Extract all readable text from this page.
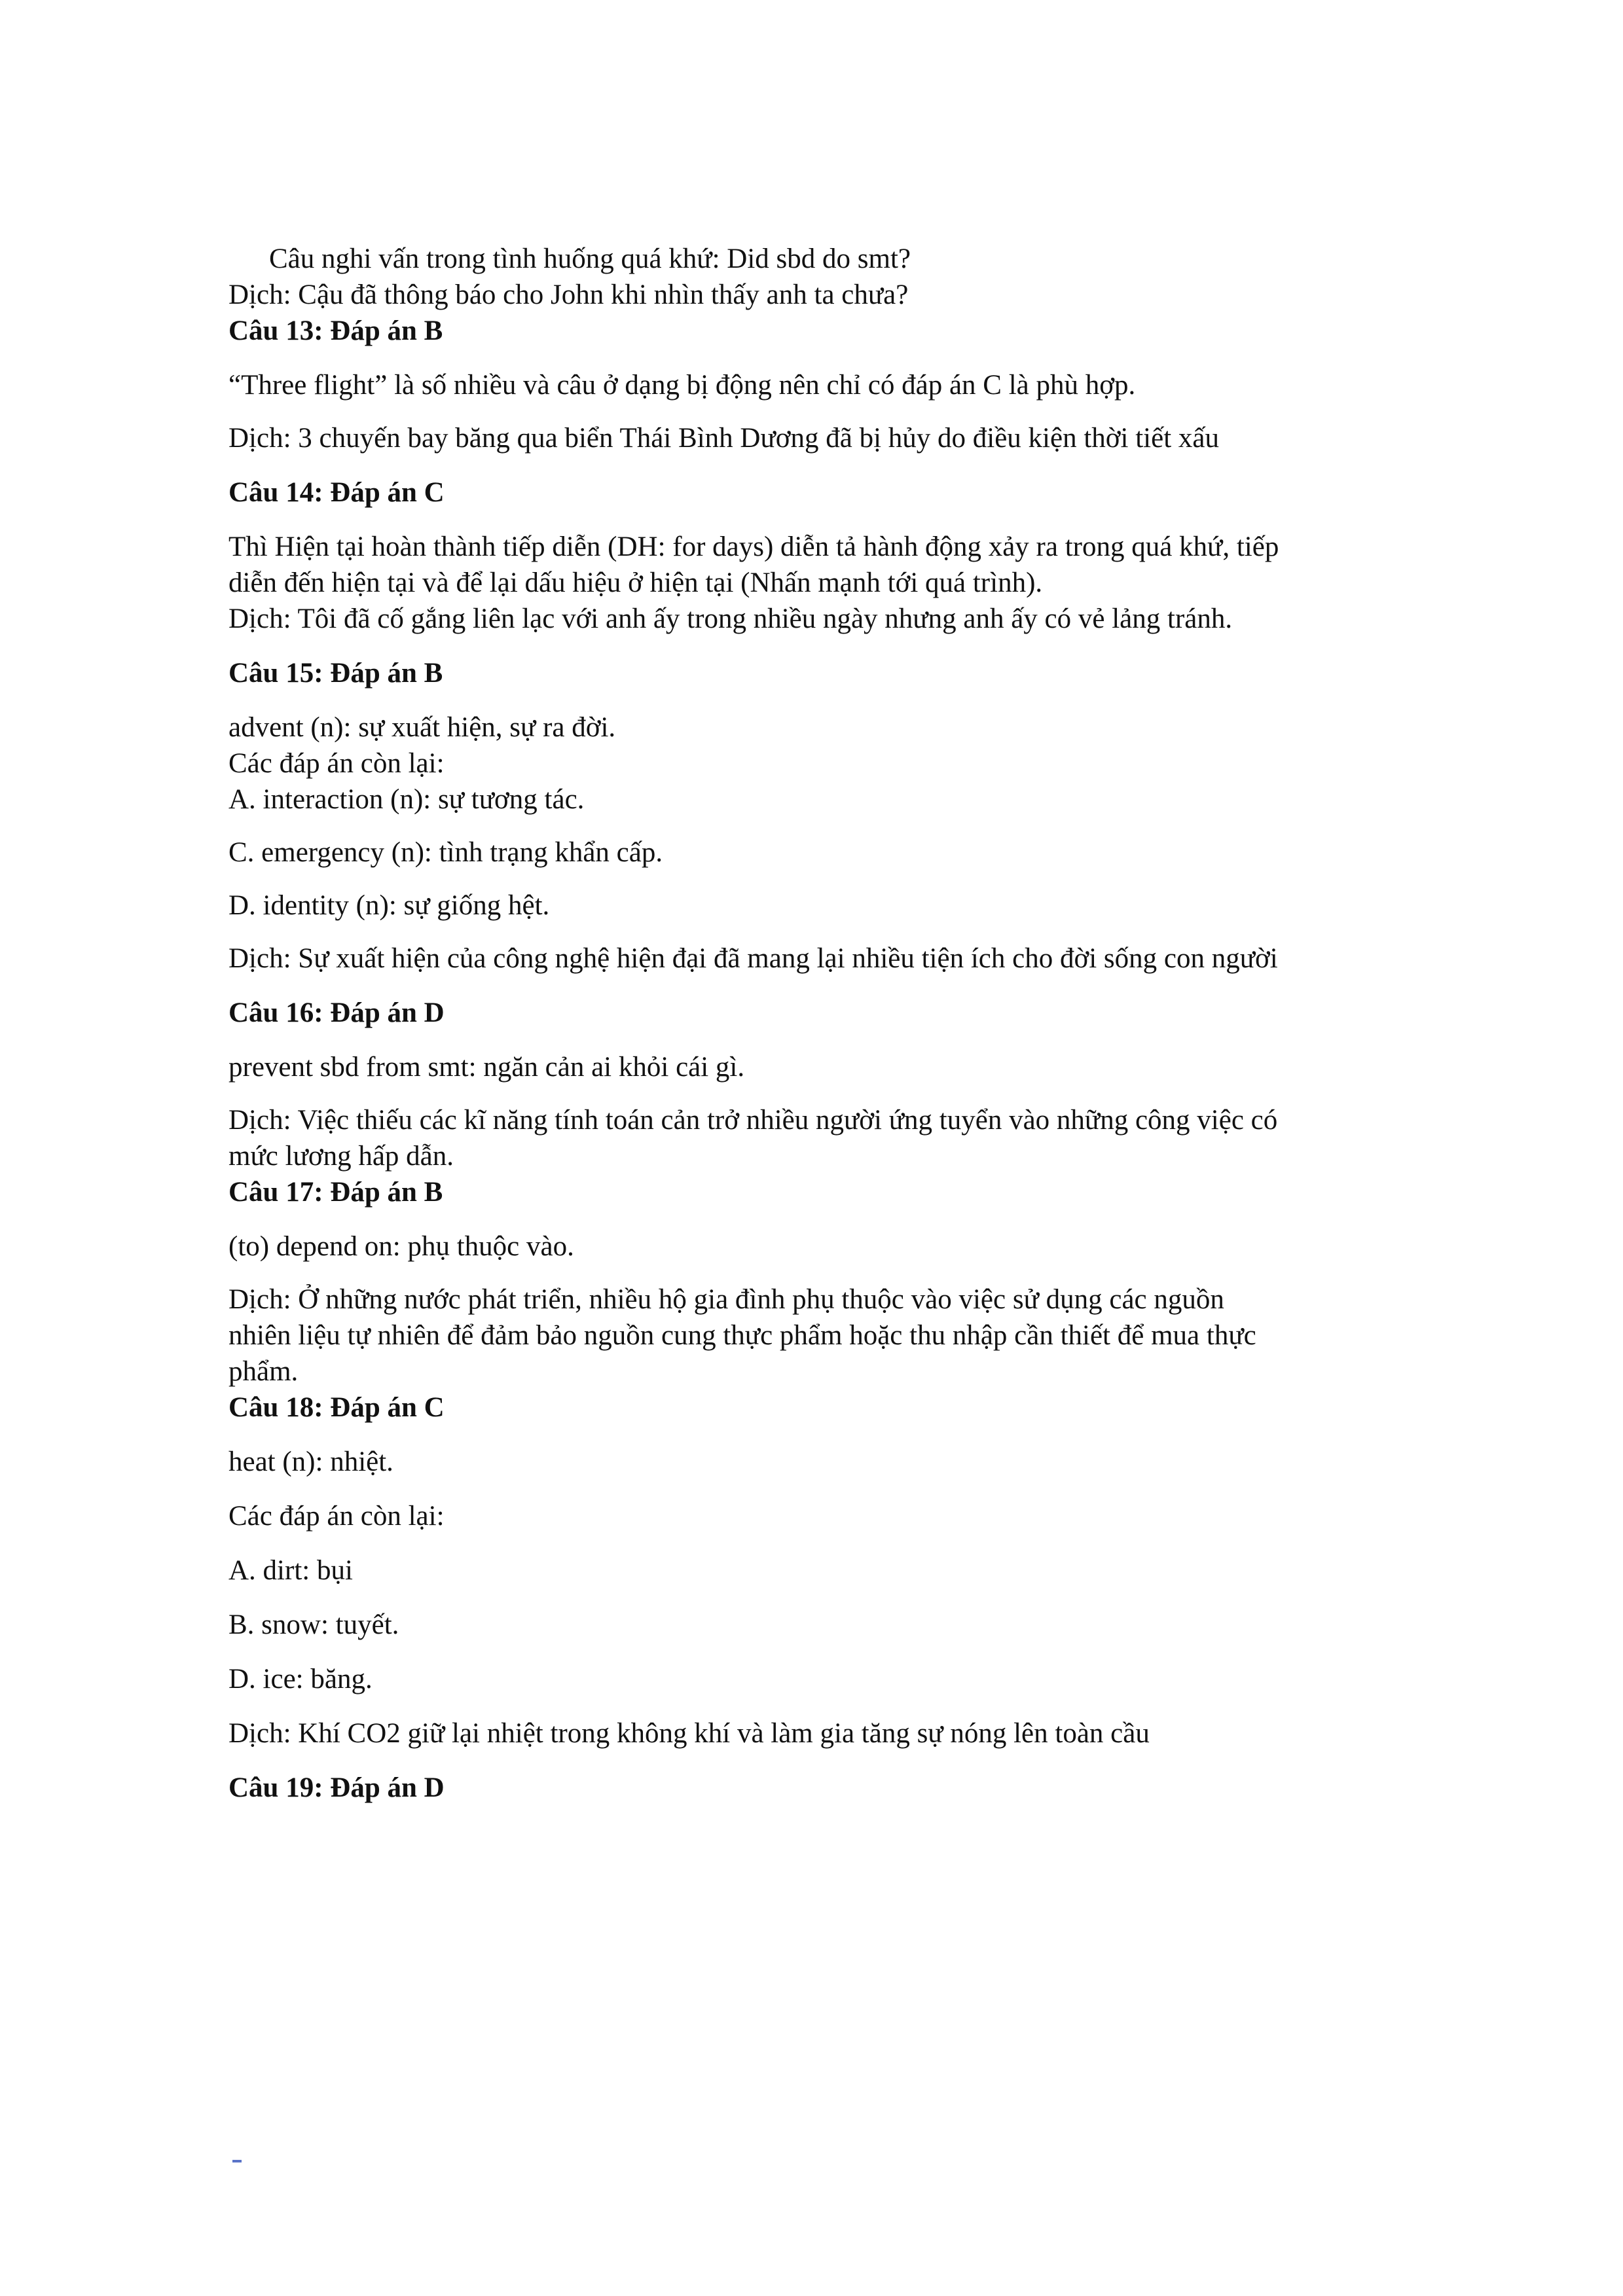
Câu nghi vấn trong tình huống quá khứ: Did sbd do smt?
Dịch: Cậu đã thông báo cho John khi nhìn thấy anh ta chưa?
Câu 13: Đáp án B
“Three flight” là số nhiều và câu ở dạng bị động nên chỉ có đáp án C là phù hợp.
Dịch: 3 chuyến bay băng qua biển Thái Bình Dương đã bị hủy do điều kiện thời tiết xấu
Câu 14: Đáp án C
Thì Hiện tại hoàn thành tiếp diễn (DH: for days) diễn tả hành động xảy ra trong quá khứ, tiếp
diễn đến hiện tại và để lại dấu hiệu ở hiện tại (Nhấn mạnh tới quá trình).
Dịch: Tôi đã cố gắng liên lạc với anh ấy trong nhiều ngày nhưng anh ấy có vẻ lảng tránh.
Câu 15: Đáp án B
advent (n): sự xuất hiện, sự ra đời.
Các đáp án còn lại:
A. interaction (n): sự tương tác.
C. emergency (n): tình trạng khẩn cấp.
D. identity (n): sự giống hệt.
Dịch: Sự xuất hiện của công nghệ hiện đại đã mang lại nhiều tiện ích cho đời sống con người
Câu 16: Đáp án D
prevent sbd from smt: ngăn cản ai khỏi cái gì.
Dịch: Việc thiếu các kĩ năng tính toán cản trở nhiều người ứng tuyển vào những công việc có
mức lương hấp dẫn.
Câu 17: Đáp án B
(to) depend on: phụ thuộc vào.
Dịch: Ở những nước phát triển, nhiều hộ gia đình phụ thuộc vào việc sử dụng các nguồn
nhiên liệu tự nhiên để đảm bảo nguồn cung thực phẩm hoặc thu nhập cần thiết để mua thực
phẩm.
Câu 18: Đáp án C
heat (n): nhiệt.
Các đáp án còn lại:
A. dirt: bụi
B. snow: tuyết.
D. ice: băng.
Dịch: Khí CO2 giữ lại nhiệt trong không khí và làm gia tăng sự nóng lên toàn cầu
Câu 19: Đáp án D
